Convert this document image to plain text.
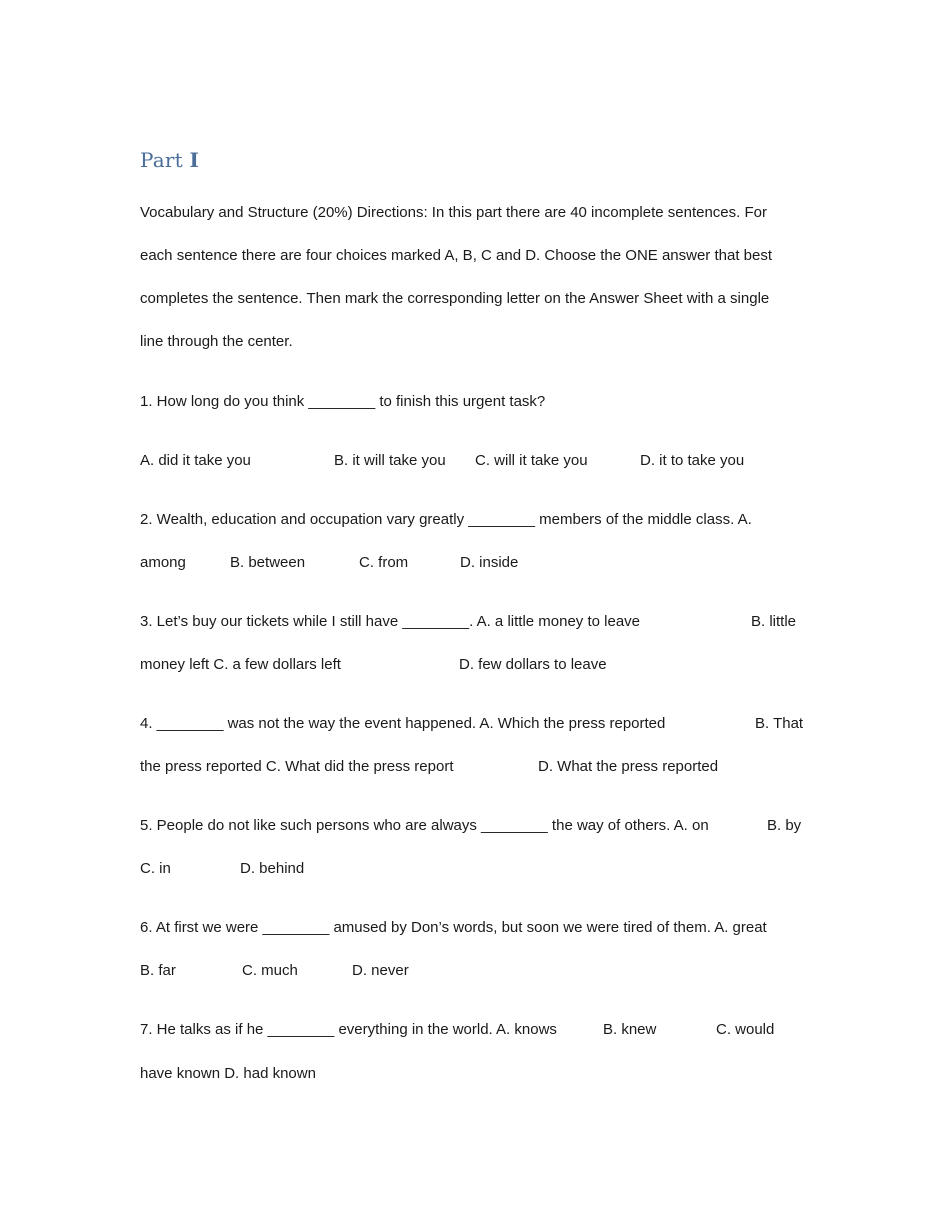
Part I

Vocabulary and Structure (20%) Directions: In this part there are 40 incomplete sentences. For

each sentence there are four choices marked A, B, C and D. Choose the ONE answer that best

completes the sentence. Then mark the corresponding letter on the Answer Sheet with a single

line through the center.

1. How long do you think ________ to finish this urgent task?

A. did it take you	B. it will take you C. will it take you	D. it to take you

2. Wealth, education and occupation vary greatly ________ members of the middle class. A.

among	B. between	C. from	D. inside
3. Let’s buy our tickets while I still have ________. A. a little money to leave	B. little
money left C. a few dollars left	D. few dollars to leave
4. ________ was not the way the event happened. A. Which the press reported	B. That
the press reported C. What did the press report	D. What the press reported
5. People do not like such persons who are always ________ the way of others. A. on	B. by
C. in	D. behind

6. At first we were ________ amused by Don’s words, but soon we were tired of them. A. great

B. far	C. much	D. never
7. He talks as if he ________ everything in the world. A. knows	B. knew	C. would

have known D. had known
